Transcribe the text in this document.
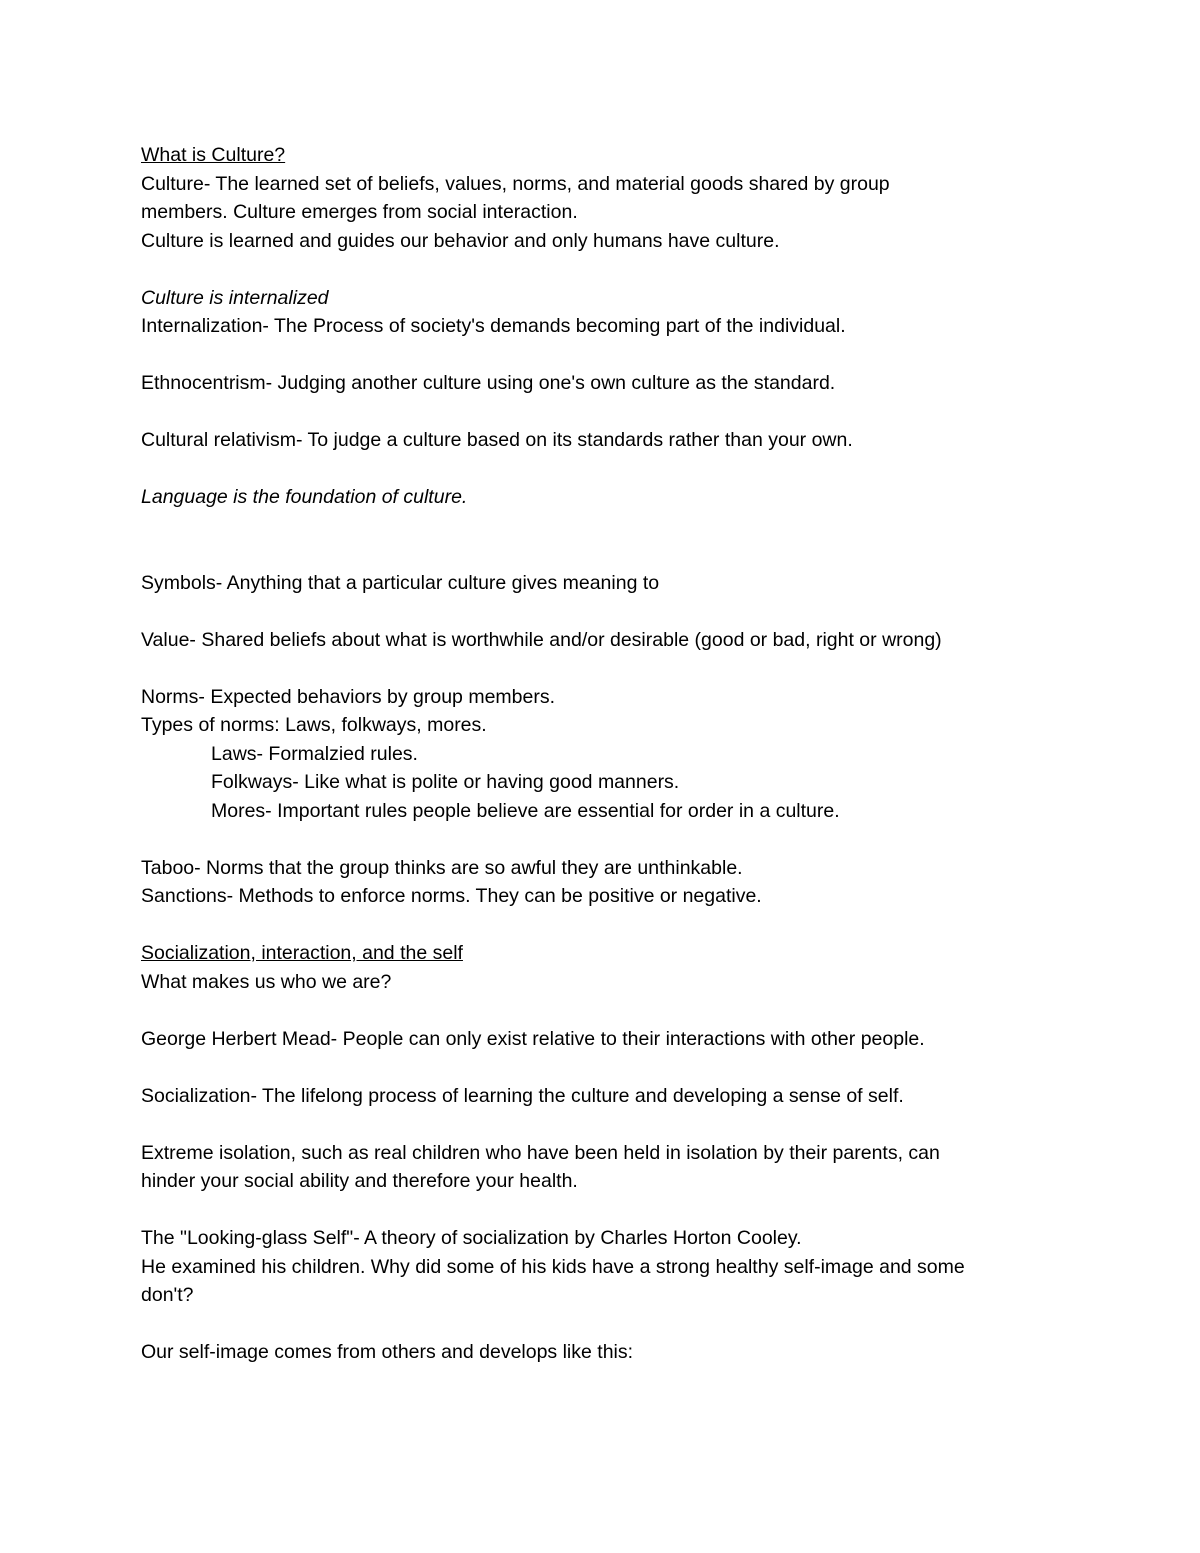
What is Culture?
Culture- The learned set of beliefs, values, norms, and material goods shared by group
members. Culture emerges from social interaction.
Culture is learned and guides our behavior and only humans have culture.
Culture is internalized
Internalization- The Process of society's demands becoming part of the individual.
Ethnocentrism- Judging another culture using one's own culture as the standard.
Cultural relativism- To judge a culture based on its standards rather than your own.
Language is the foundation of culture.
Symbols- Anything that a particular culture gives meaning to
Value- Shared beliefs about what is worthwhile and/or desirable (good or bad, right or wrong)
Norms- Expected behaviors by group members.
Types of norms: Laws, folkways, mores.
Laws- Formalzied rules.
Folkways- Like what is polite or having good manners.
Mores- Important rules people believe are essential for order in a culture.
Taboo- Norms that the group thinks are so awful they are unthinkable.
Sanctions- Methods to enforce norms. They can be positive or negative.
Socialization, interaction, and the self
What makes us who we are?
George Herbert Mead- People can only exist relative to their interactions with other people.
Socialization- The lifelong process of learning the culture and developing a sense of self.
Extreme isolation, such as real children who have been held in isolation by their parents, can
hinder your social ability and therefore your health.
The "Looking-glass Self"- A theory of socialization by Charles Horton Cooley.
He examined his children. Why did some of his kids have a strong healthy self-image and some
don't?
Our self-image comes from others and develops like this:
